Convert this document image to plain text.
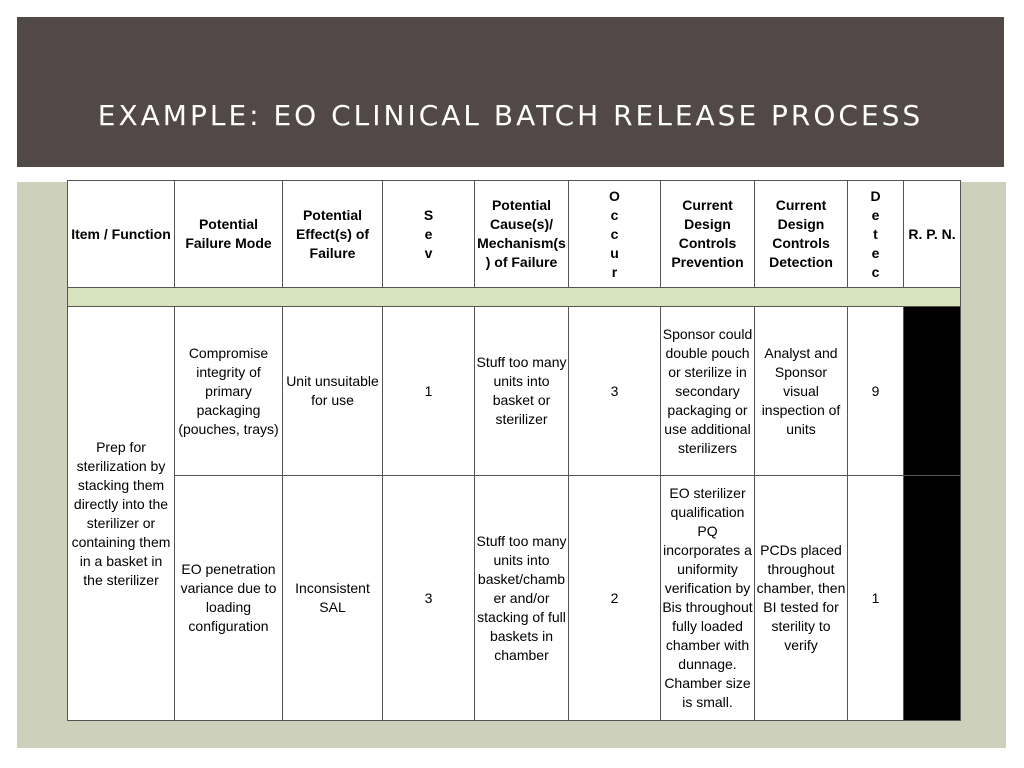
EXAMPLE: EO CLINICAL BATCH RELEASE PROCESS
Item / Function	Potential Failure Mode	Potential Effect(s) of Failure	Sev	Potential Cause(s)/ Mechanism(s) of Failure	Occur	Current Design Controls Prevention	Current Design Controls Detection	Detec	R. P. N.

Prep for sterilization by stacking them directly into the sterilizer or containing them in a basket in the sterilizer	Compromise integrity of primary packaging (pouches, trays)	Unit unsuitable for use	1	Stuff too many units into basket or sterilizer	3	Sponsor could double pouch or sterilize in secondary packaging or use additional sterilizers	Analyst and Sponsor visual inspection of units	9	
	EO penetration variance due to loading configuration	Inconsistent SAL	3	Stuff too many units into basket/chamber and/or stacking of full baskets in chamber	2	EO sterilizer qualification PQ incorporates a uniformity verification by Bis throughout fully loaded chamber with dunnage. Chamber size is small.	PCDs placed throughout chamber, then BI tested for sterility to verify	1	
